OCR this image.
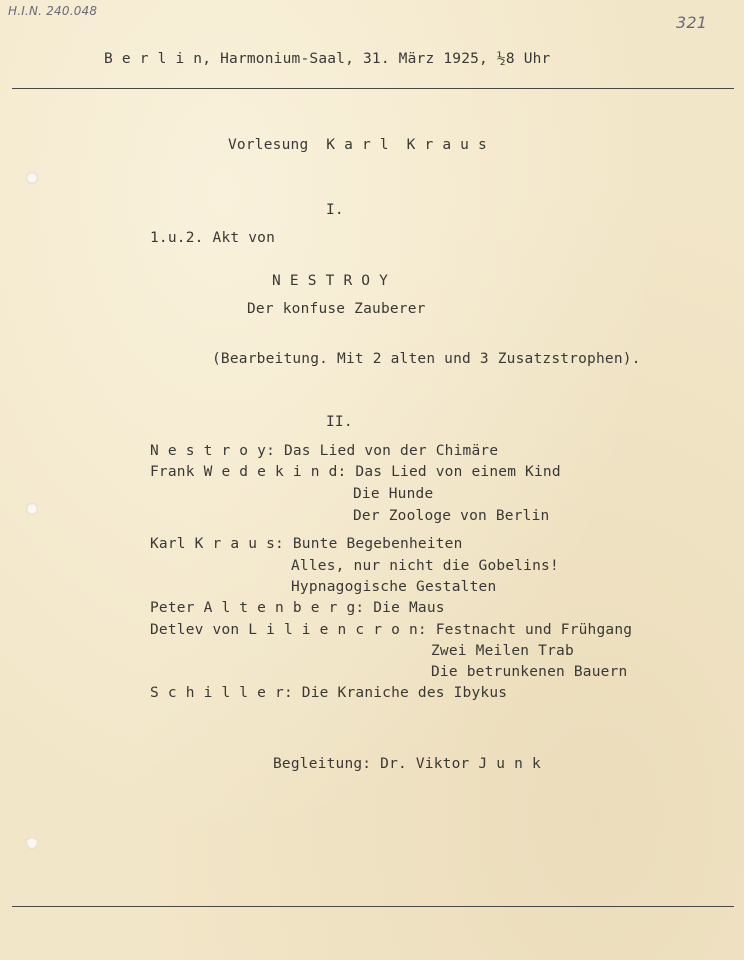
H.I.N. 240.048
321
B e r l i n, Harmonium-Saal, 31. März 1925, ½8 Uhr
Vorlesung  K a r l  K r a u s
I.
1.u.2. Akt von
N E S T R O Y
Der konfuse Zauberer
(Bearbeitung. Mit 2 alten und 3 Zusatzstrophen).
II.
N e s t r o y: Das Lied von der Chimäre
Frank W e d e k i n d: Das Lied von einem Kind
Die Hunde
Der Zoologe von Berlin
Karl K r a u s: Bunte Begebenheiten
Alles, nur nicht die Gobelins!
Hypnagogische Gestalten
Peter A l t e n b e r g: Die Maus
Detlev von L i l i e n c r o n: Festnacht und Frühgang
Zwei Meilen Trab
Die betrunkenen Bauern
S c h i l l e r: Die Kraniche des Ibykus
Begleitung: Dr. Viktor J u n k
